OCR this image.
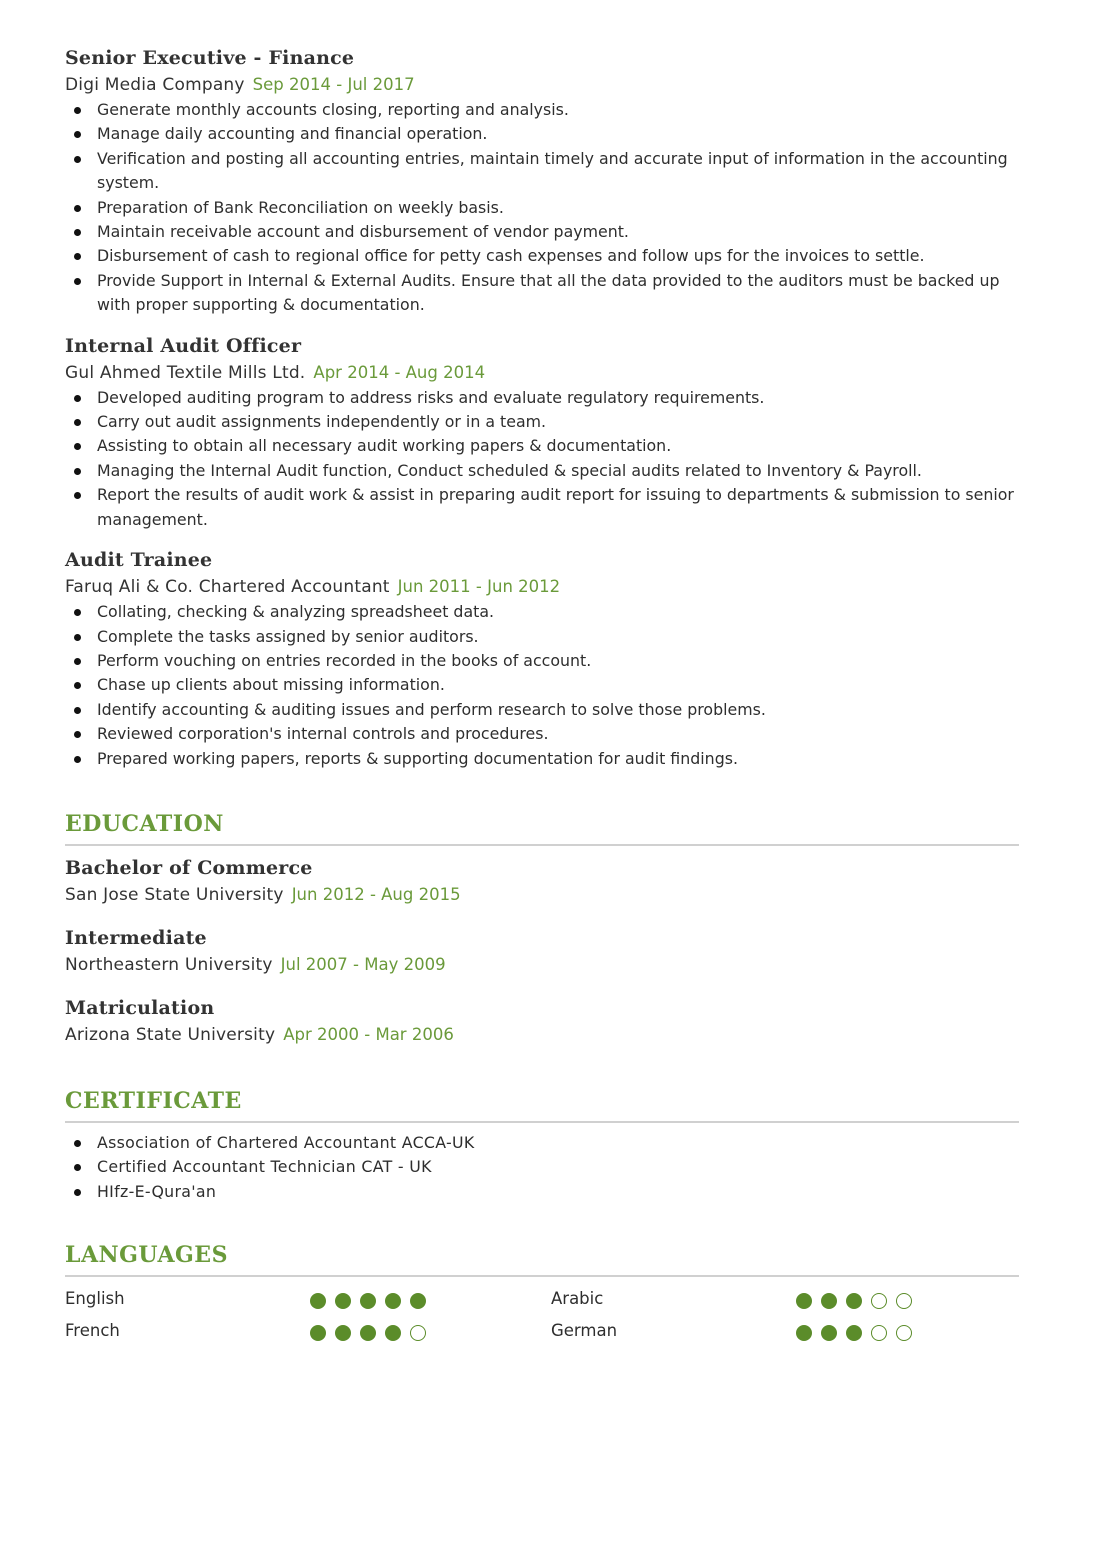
Senior Executive - Finance
Digi Media Company Sep 2014 - Jul 2017
Generate monthly accounts closing, reporting and analysis.
Manage daily accounting and financial operation.
Verification and posting all accounting entries, maintain timely and accurate input of information in the accounting system.
Preparation of Bank Reconciliation on weekly basis.
Maintain receivable account and disbursement of vendor payment.
Disbursement of cash to regional office for petty cash expenses and follow ups for the invoices to settle.
Provide Support in Internal & External Audits. Ensure that all the data provided to the auditors must be backed up with proper supporting & documentation.
Internal Audit Officer
Gul Ahmed Textile Mills Ltd. Apr 2014 - Aug 2014
Developed auditing program to address risks and evaluate regulatory requirements.
Carry out audit assignments independently or in a team.
Assisting to obtain all necessary audit working papers & documentation.
Managing the Internal Audit function, Conduct scheduled & special audits related to Inventory & Payroll.
Report the results of audit work & assist in preparing audit report for issuing to departments & submission to senior management.
Audit Trainee
Faruq Ali & Co. Chartered Accountant Jun 2011 - Jun 2012
Collating, checking & analyzing spreadsheet data.
Complete the tasks assigned by senior auditors.
Perform vouching on entries recorded in the books of account.
Chase up clients about missing information.
Identify accounting & auditing issues and perform research to solve those problems.
Reviewed corporation's internal controls and procedures.
Prepared working papers, reports & supporting documentation for audit findings.
EDUCATION
Bachelor of Commerce
San Jose State University Jun 2012 - Aug 2015
Intermediate
Northeastern University Jul 2007 - May 2009
Matriculation
Arizona State University Apr 2000 - Mar 2006
CERTIFICATE
Association of Chartered Accountant ACCA-UK
Certified Accountant Technician CAT - UK
HIfz-E-Qura'an
LANGUAGES
English	Arabic
French	German
